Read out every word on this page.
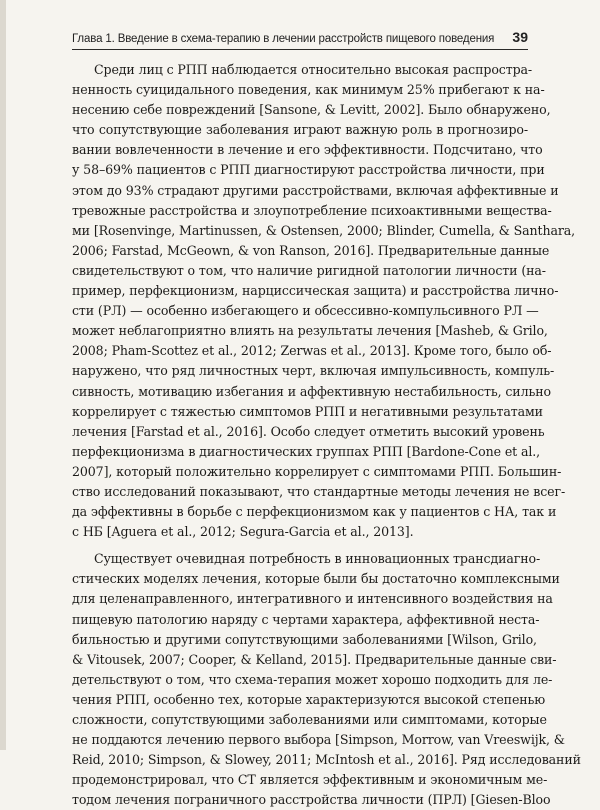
Глава 1. Введение в схема-терапию в лечении расстройств пищевого поведения 39
Среди лиц с РПП наблюдается относительно высокая распростра-
ненность суицидального поведения, как минимум 25% прибегают к на-
несению себе повреждений [Sansone, & Levitt, 2002]. Было обнаружено,
что сопутствующие заболевания играют важную роль в прогнозиро-
вании вовлеченности в лечение и его эффективности. Подсчитано, что
у 58–69% пациентов с РПП диагностируют расстройства личности, при
этом до 93% страдают другими расстройствами, включая аффективные и
тревожные расстройства и злоупотребление психоактивными вещества-
ми [Rosenvinge, Martinussen, & Ostensen, 2000; Blinder, Cumella, & Santhara,
2006; Farstad, McGeown, & von Ranson, 2016]. Предварительные данные
свидетельствуют о том, что наличие ригидной патологии личности (на-
пример, перфекционизм, нарциссическая защита) и расстройства лично-
сти (РЛ) — особенно избегающего и обсессивно-компульсивного РЛ —
может неблагоприятно влиять на результаты лечения [Masheb, & Grilo,
2008; Pham-Scottez et al., 2012; Zerwas et al., 2013]. Кроме того, было об-
наружено, что ряд личностных черт, включая импульсивность, компуль-
сивность, мотивацию избегания и аффективную нестабильность, сильно
коррелирует с тяжестью симптомов РПП и негативными результатами
лечения [Farstad et al., 2016]. Особо следует отметить высокий уровень
перфекционизма в диагностических группах РПП [Bardone-Cone et al.,
2007], который положительно коррелирует с симптомами РПП. Большин-
ство исследований показывают, что стандартные методы лечения не всег-
да эффективны в борьбе с перфекционизмом как у пациентов с НА, так и
с НБ [Aguera et al., 2012; Segura-Garcia et al., 2013].
Существует очевидная потребность в инновационных трансдиагно-
стических моделях лечения, которые были бы достаточно комплексными
для целенаправленного, интегративного и интенсивного воздействия на
пищевую патологию наряду с чертами характера, аффективной неста-
бильностью и другими сопутствующими заболеваниями [Wilson, Grilo,
& Vitousek, 2007; Cooper, & Kelland, 2015]. Предварительные данные сви-
детельствуют о том, что схема-терапия может хорошо подходить для ле-
чения РПП, особенно тех, которые характеризуются высокой степенью
сложности, сопутствующими заболеваниями или симптомами, которые
не поддаются лечению первого выбора [Simpson, Morrow, van Vreeswijk, &
Reid, 2010; Simpson, & Slowey, 2011; McIntosh et al., 2016]. Ряд исследований
продемонстрировал, что СТ является эффективным и экономичным ме-
тодом лечения пограничного расстройства личности (ПРЛ) [Giesen-Bloo
